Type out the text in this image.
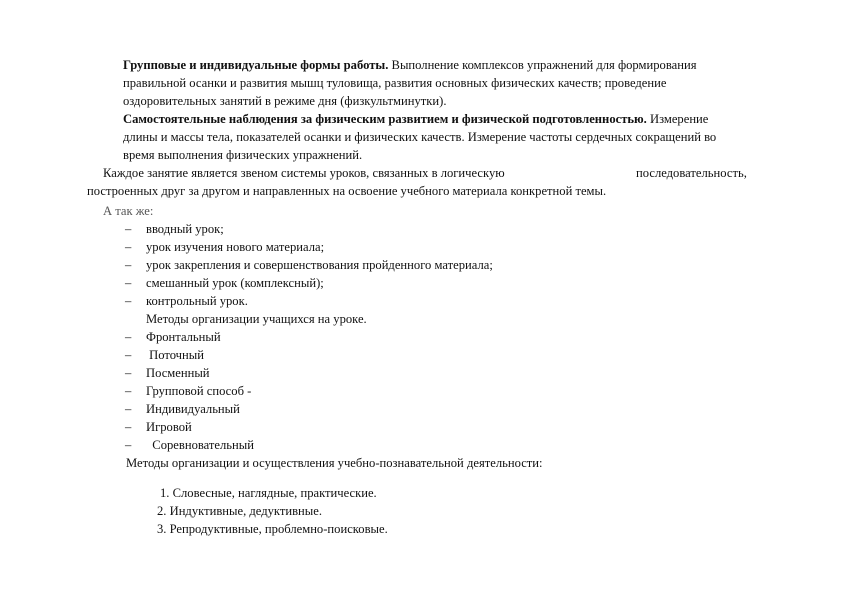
Групповые и индивидуальные формы работы. Выполнение комплексов упражнений для формирования

правильной осанки и развития мышц туловища, развития основных физических качеств; проведение

оздоровительных занятий в режиме дня (физкультминутки).

Самостоятельные наблюдения за физическим развитием и физической подготовленностью. Измерение

длины и массы тела, показателей осанки и физических качеств. Измерение частоты сердечных сокращений во

время выполнения физических упражнений.

Каждое занятие является звеном системы уроков, связанных в логическую	последовательность,

построенных друг за другом и направленных на освоение учебного материала конкретной темы.

А так же:

– вводный урок;
– урок изучения нового материала;
– урок закрепления и совершенствования пройденного материала;
– смешанный урок (комплексный);
– контрольный урок.

Методы организации учащихся на уроке.

– Фронтальный
– Поточный
– Посменный
– Групповой способ -
– Индивидуальный
– Игровой
– Соревновательный

Методы организации и осуществления учебно-познавательной деятельности:

1. Словесные, наглядные, практические.

2. Индуктивные, дедуктивные.

3. Репродуктивные, проблемно-поисковые.
